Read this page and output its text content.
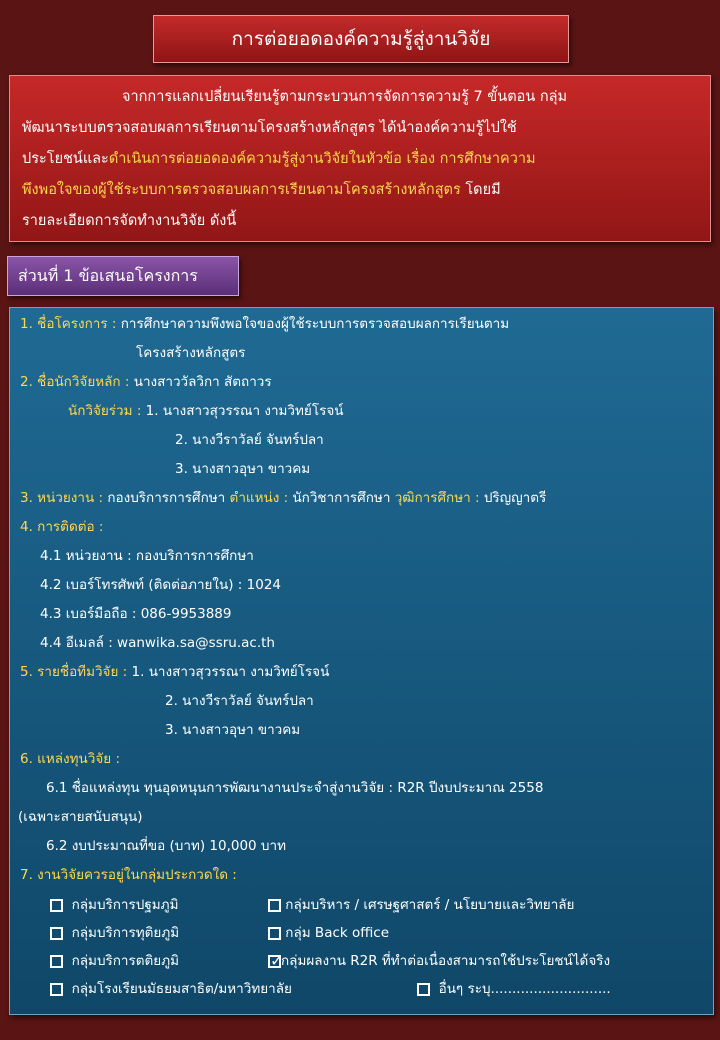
การต่อยอดองค์ความรู้สู่งานวิจัย
จากการแลกเปลี่ยนเรียนรู้ตามกระบวนการจัดการความรู้ 7 ขั้นตอน กลุ่ม
พัฒนาระบบตรวจสอบผลการเรียนตามโครงสร้างหลักสูตร ได้นำองค์ความรู้ไปใช้
ประโยชน์และดำเนินการต่อยอดองค์ความรู้สู่งานวิจัยในหัวข้อ เรื่อง การศึกษาความ
พึงพอใจของผู้ใช้ระบบการตรวจสอบผลการเรียนตามโครงสร้างหลักสูตร โดยมี
รายละเอียดการจัดทำงานวิจัย ดังนี้
ส่วนที่ 1 ข้อเสนอโครงการ
1. ชื่อโครงการ : การศึกษาความพึงพอใจของผู้ใช้ระบบการตรวจสอบผลการเรียนตาม
โครงสร้างหลักสูตร
2. ชื่อนักวิจัยหลัก : นางสาววัลวิกา สัตถาวร
นักวิจัยร่วม : 1. นางสาวสุวรรณา งามวิทย์โรจน์
2. นางวีราวัลย์ จันทร์ปลา
3. นางสาวอุษา ขาวคม
3. หน่วยงาน : กองบริการการศึกษา ตำแหน่ง : นักวิชาการศึกษา วุฒิการศึกษา : ปริญญาตรี
4. การติดต่อ :
4.1 หน่วยงาน : กองบริการการศึกษา
4.2 เบอร์โทรศัพท์ (ติดต่อภายใน) : 1024
4.3 เบอร์มือถือ : 086-9953889
4.4 อีเมลล์ : wanwika.sa@ssru.ac.th
5. รายชื่อทีมวิจัย : 1. นางสาวสุวรรณา งามวิทย์โรจน์
2. นางวีราวัลย์ จันทร์ปลา
3. นางสาวอุษา ขาวคม
6. แหล่งทุนวิจัย :
6.1 ชื่อแหล่งทุน ทุนอุดหนุนการพัฒนางานประจำสู่งานวิจัย : R2R ปีงบประมาณ 2558
(เฉพาะสายสนับสนุน)
6.2 งบประมาณที่ขอ (บาท) 10,000 บาท
7. งานวิจัยควรอยู่ในกลุ่มประกวดใด :
กลุ่มบริการปฐมภูมิ	กลุ่มบริหาร / เศรษฐศาสตร์ / นโยบายและวิทยาลัย
กลุ่มบริการทุติยภูมิ	กลุ่ม Back office
กลุ่มบริการตติยภูมิ
✓	กลุ่มผลงาน R2R ที่ทำต่อเนื่องสามารถใช้ประโยชน์ได้จริง
กลุ่มโรงเรียนมัธยมสาธิต/มหาวิทยาลัย	อื่นๆ ระบุ............................
